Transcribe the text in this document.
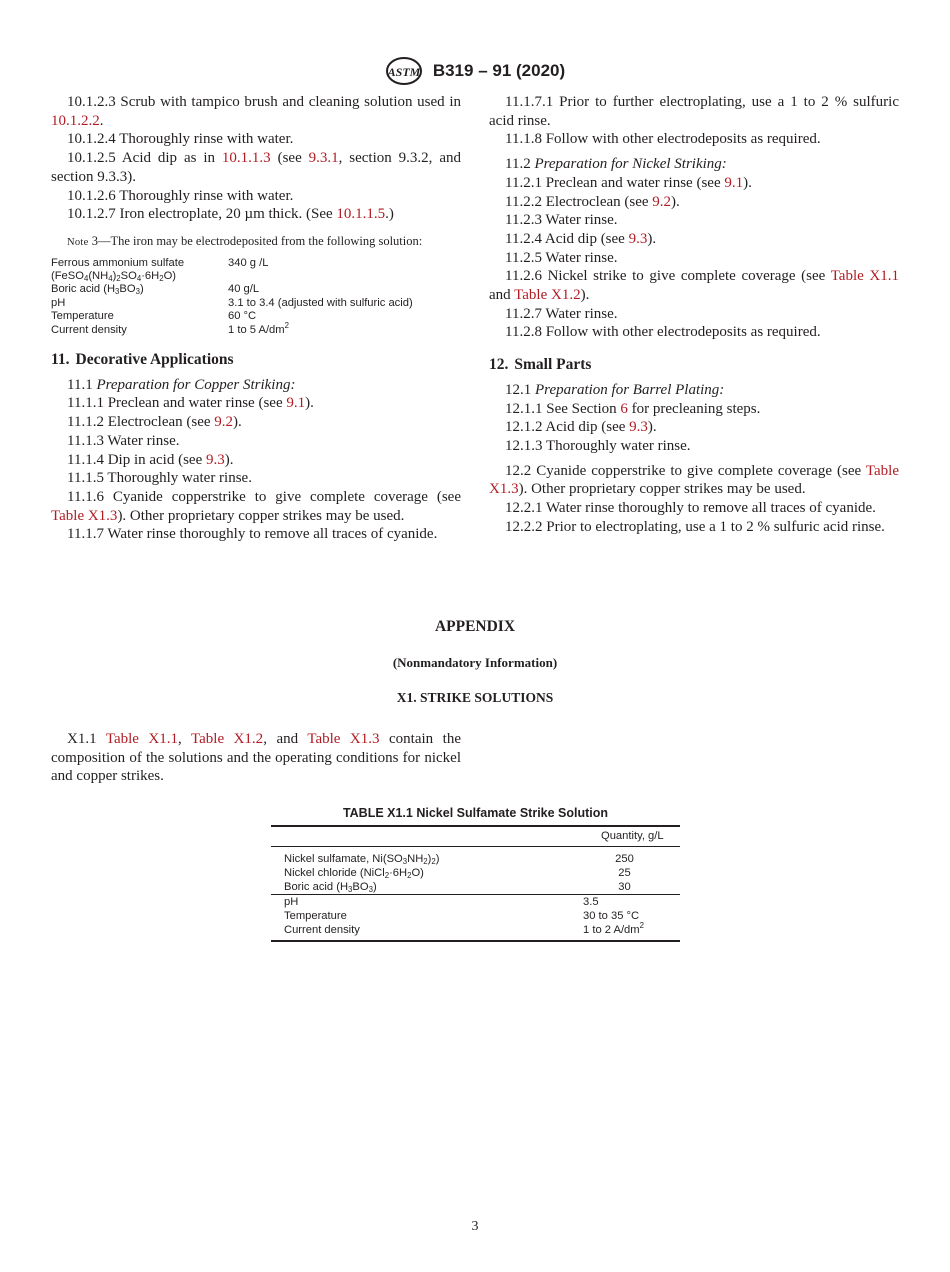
ASTM B319 – 91 (2020)

10.1.2.3 Scrub with tampico brush and cleaning solution used in 10.1.2.2.

10.1.2.4 Thoroughly rinse with water.

10.1.2.5 Acid dip as in 10.1.1.3 (see 9.3.1, section 9.3.2, and section 9.3.3).

10.1.2.6 Thoroughly rinse with water.

10.1.2.7 Iron electroplate, 20 µm thick. (See 10.1.1.5.)

Note 3—The iron may be electrodeposited from the following solution:

Ferrous ammonium sulfate	340 g /L
$(FeSO_4(NH_4)_2SO_4\cdot 6H_2O)$	
Boric acid $(H_3BO_3)$	40 g/L
pH	3.1 to 3.4 (adjusted with sulfuric acid)
Temperature	60 °C
Current density	1 to 5 $A/dm^2$
11. Decorative Applications

11.1 Preparation for Copper Striking:

11.1.1 Preclean and water rinse (see 9.1).

11.1.2 Electroclean (see 9.2).

11.1.3 Water rinse.

11.1.4 Dip in acid (see 9.3).

11.1.5 Thoroughly water rinse.

11.1.6 Cyanide copperstrike to give complete coverage (see Table X1.3). Other proprietary copper strikes may be used.

11.1.7 Water rinse thoroughly to remove all traces of cyanide.

11.1.7.1 Prior to further electroplating, use a 1 to 2 % sulfuric acid rinse.

11.1.8 Follow with other electrodeposits as required.

11.2 Preparation for Nickel Striking:

11.2.1 Preclean and water rinse (see 9.1).

11.2.2 Electroclean (see 9.2).

11.2.3 Water rinse.

11.2.4 Acid dip (see 9.3).

11.2.5 Water rinse.

11.2.6 Nickel strike to give complete coverage (see Table X1.1 and Table X1.2).

11.2.7 Water rinse.

11.2.8 Follow with other electrodeposits as required.

12. Small Parts

12.1 Preparation for Barrel Plating:

12.1.1 See Section 6 for precleaning steps.

12.1.2 Acid dip (see 9.3).

12.1.3 Thoroughly water rinse.

12.2 Cyanide copperstrike to give complete coverage (see Table X1.3). Other proprietary copper strikes may be used.

12.2.1 Water rinse thoroughly to remove all traces of cyanide.

12.2.2 Prior to electroplating, use a 1 to 2 % sulfuric acid rinse.

APPENDIX
(Nonmandatory Information)
X1. STRIKE SOLUTIONS

X1.1 Table X1.1, Table X1.2, and Table X1.3 contain the composition of the solutions and the operating conditions for nickel and copper strikes.

TABLE X1.1 Nickel Sulfamate Strike Solution
	Quantity, g/L
Nickel sulfamate, $Ni(SO_3NH_2)_2$)	250
Nickel chloride $(NiCl_2\cdot 6H_2O)$	25
Boric acid $(H_3BO_3)$	30
pH	3.5
Temperature	30 to 35 °C
Current density	1 to 2 $A/dm^2$
3
